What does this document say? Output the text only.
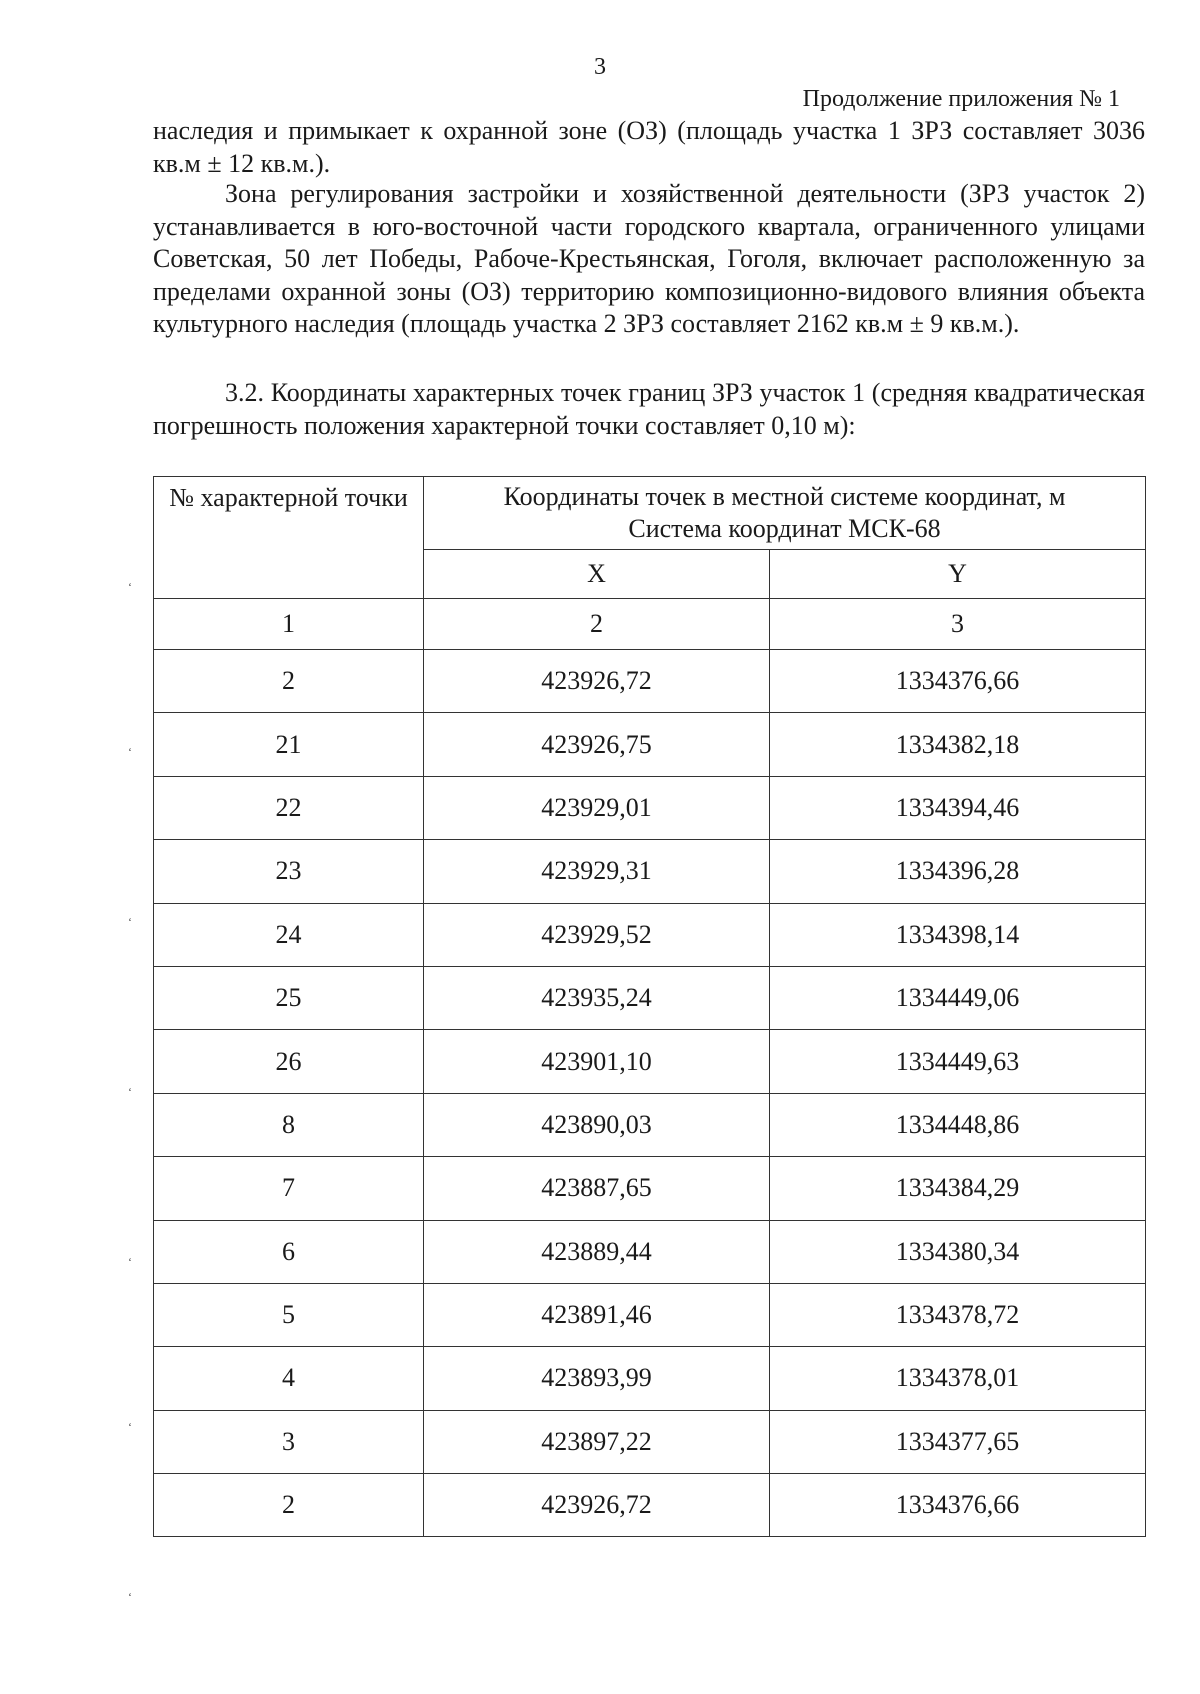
3
Продолжение приложения № 1

наследия и примыкает к охранной зоне (ОЗ) (площадь участка 1 ЗРЗ составляет 3036 кв.м ± 12 кв.м.).

Зона регулирования застройки и хозяйственной деятельности (ЗРЗ участок 2) устанавливается в юго-восточной части городского квартала, ограниченного улицами Советская, 50 лет Победы, Рабоче-Крестьянская, Гоголя, включает расположенную за пределами охранной зоны (ОЗ) территорию композиционно-видового влияния объекта культурного наследия (площадь участка 2 ЗРЗ составляет 2162 кв.м ± 9 кв.м.).

3.2. Координаты характерных точек границ ЗРЗ участок 1 (средняя квадратическая погрешность положения характерной точки составляет 0,10 м):

№ характерной точки	Координаты точек в местной системе координат, м
Система координат МСК-68	

	X	Y
1	2	3
2	423926,72	1334376,66
21	423926,75	1334382,18
22	423929,01	1334394,46
23	423929,31	1334396,28
24	423929,52	1334398,14
25	423935,24	1334449,06
26	423901,10	1334449,63
8	423890,03	1334448,86
7	423887,65	1334384,29
6	423889,44	1334380,34
5	423891,46	1334378,72
4	423893,99	1334378,01
3	423897,22	1334377,65
2	423926,72	1334376,66
ʻ
ʻ
ʻ
ʻ
ʻ
ʻ
ʻ
